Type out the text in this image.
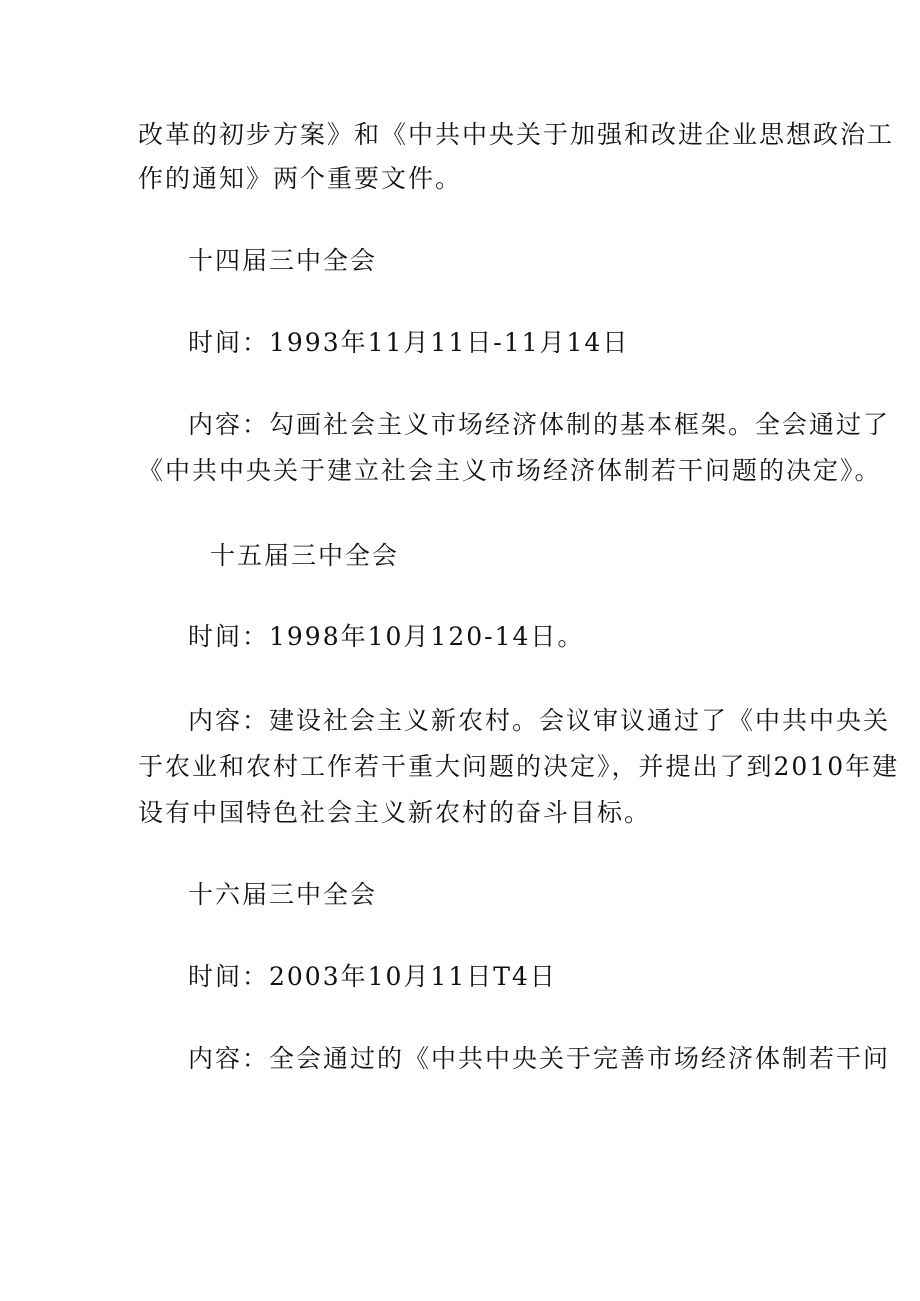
改革的初步方案》和《中共中央关于加强和改进企业思想政治工
作的通知》两个重要文件。
十四届三中全会
时间：1993年11月11日-11月14日
内容：勾画社会主义市场经济体制的基本框架。全会通过了
《中共中央关于建立社会主义市场经济体制若干问题的决定》。
十五届三中全会
时间：1998年10月120-14日。
内容：建设社会主义新农村。会议审议通过了《中共中央关
于农业和农村工作若干重大问题的决定》，并提出了到2010年建
设有中国特色社会主义新农村的奋斗目标。
十六届三中全会
时间：2003年10月11日T4日
内容：全会通过的《中共中央关于完善市场经济体制若干问
